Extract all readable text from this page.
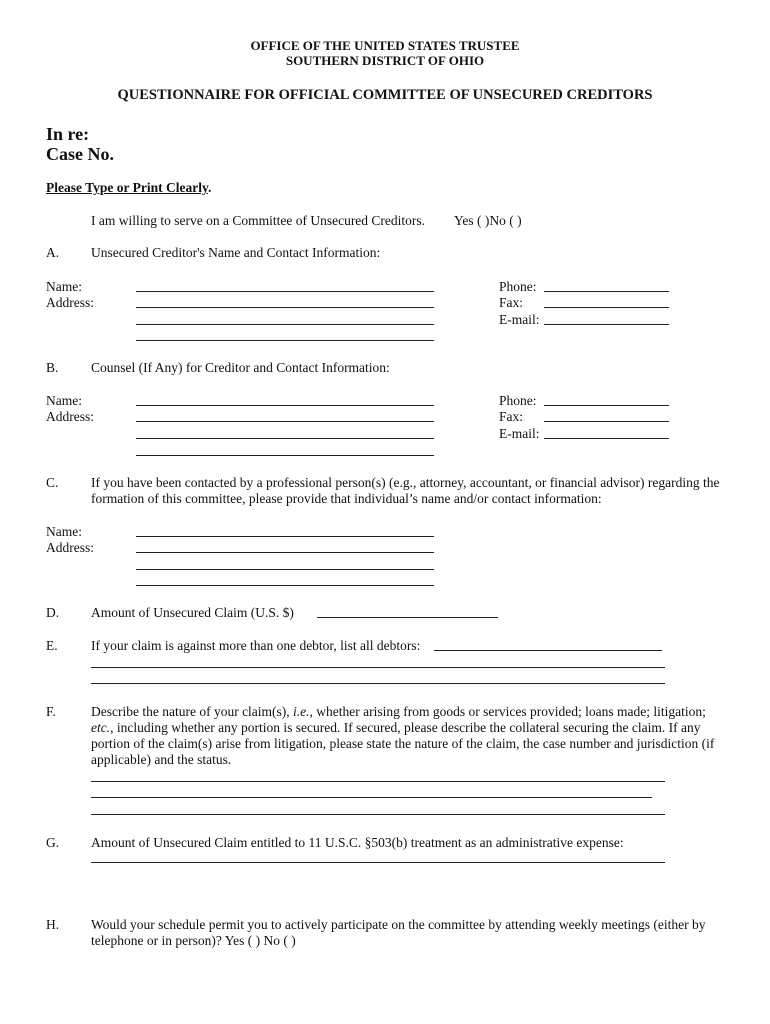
OFFICE OF THE UNITED STATES TRUSTEE
SOUTHERN DISTRICT OF OHIO
QUESTIONNAIRE FOR OFFICIAL COMMITTEE OF UNSECURED CREDITORS
In re:
Case No.
Please Type or Print Clearly.
I am willing to serve on a Committee of Unsecured Creditors. Yes ( )No ( )
A. Unsecured Creditor's Name and Contact Information:
Name:
Address:
Phone:
Fax:
E-mail:
B. Counsel (If Any) for Creditor and Contact Information:
Name:
Address:
Phone:
Fax:
E-mail:
C. If you have been contacted by a professional person(s) (e.g., attorney, accountant, or financial advisor) regarding the formation of this committee, please provide that individual’s name and/or contact information:
Name:
Address:
D. Amount of Unsecured Claim (U.S. $)
E. If your claim is against more than one debtor, list all debtors:
F.	Describe the nature of your claim(s), i.e., whether arising from goods or services provided; loans made; litigation; etc., including whether any portion is secured. If secured, please describe the collateral securing the claim. If any portion of the claim(s) arise from litigation, please state the nature of the claim, the case number and jurisdiction (if applicable) and the status.
G. Amount of Unsecured Claim entitled to 11 U.S.C. §503(b) treatment as an administrative expense:
H. Would your schedule permit you to actively participate on the committee by attending weekly meetings (either by telephone or in person)? Yes ( ) No ( )
